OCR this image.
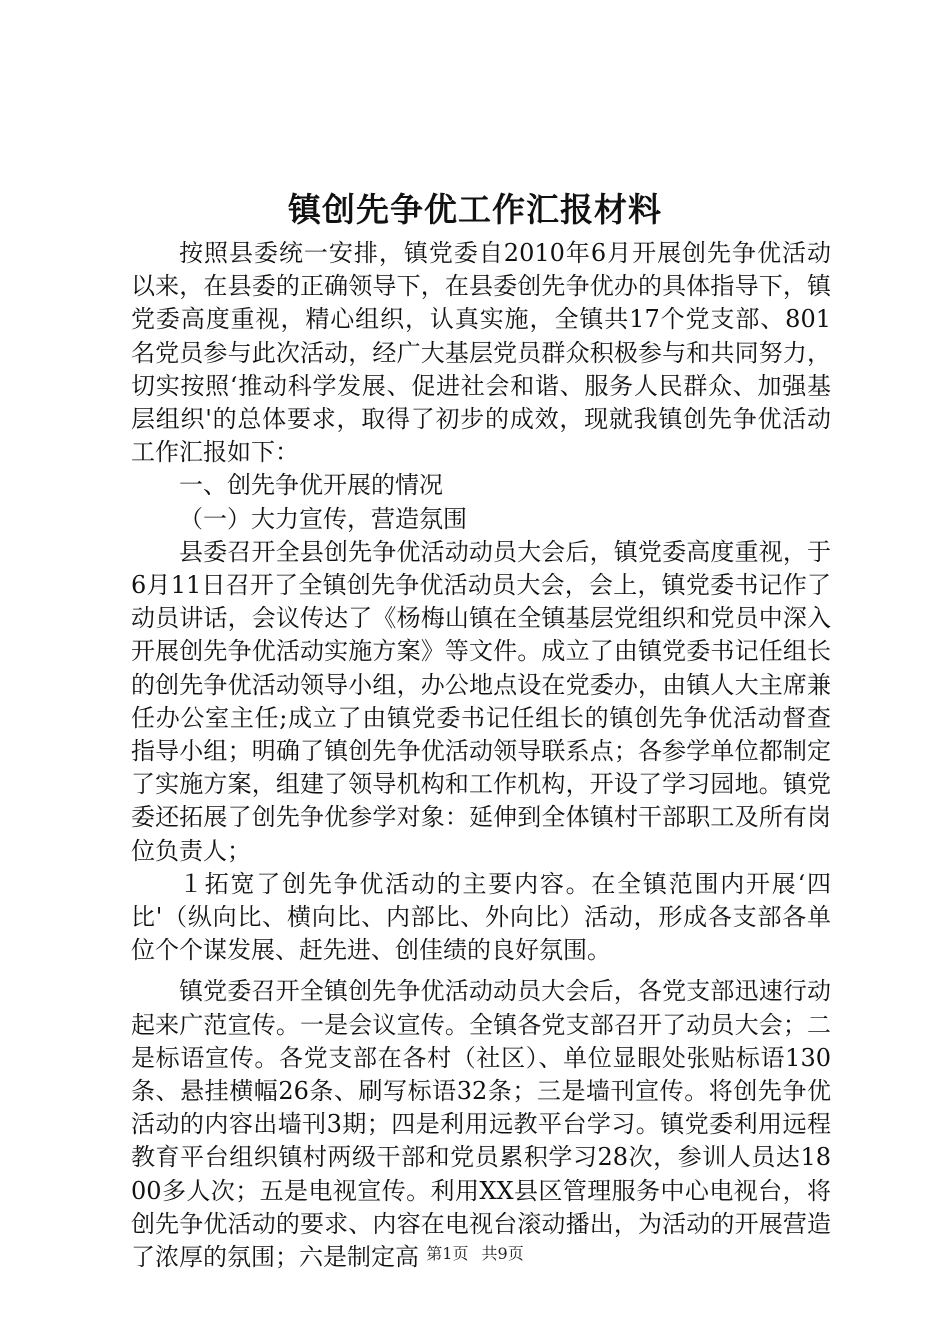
镇创先争优工作汇报材料

按照县委统一安排，镇党委自2010年6月开展创先争优活动以来，在县委的正确领导下，在县委创先争优办的具体指导下，镇党委高度重视，精心组织，认真实施，全镇共17个党支部、801名党员参与此次活动，经广大基层党员群众积极参与和共同努力，切实按照‘推动科学发展、促进社会和谐、服务人民群众、加强基层组织'的总体要求，取得了初步的成效，现就我镇创先争优活动工作汇报如下：

一、创先争优开展的情况

（一）大力宣传，营造氛围

县委召开全县创先争优活动动员大会后，镇党委高度重视，于6月11日召开了全镇创先争优活动员大会，会上，镇党委书记作了动员讲话，会议传达了《杨梅山镇在全镇基层党组织和党员中深入开展创先争优活动实施方案》等文件。成立了由镇党委书记任组长的创先争优活动领导小组，办公地点设在党委办，由镇人大主席兼任办公室主任;成立了由镇党委书记任组长的镇创先争优活动督查指导小组；明确了镇创先争优活动领导联系点；各参学单位都制定了实施方案，组建了领导机构和工作机构，开设了学习园地。镇党委还拓展了创先争优参学对象：延伸到全体镇村干部职工及所有岗位负责人；

１拓宽了创先争优活动的主要内容。在全镇范围内开展‘四比'（纵向比、横向比、内部比、外向比）活动，形成各支部各单位个个谋发展、赶先进、创佳绩的良好氛围。

镇党委召开全镇创先争优活动动员大会后，各党支部迅速行动起来广范宣传。一是会议宣传。全镇各党支部召开了动员大会；二是标语宣传。各党支部在各村（社区）、单位显眼处张贴标语130条、悬挂横幅26条、刷写标语32条；三是墙刊宣传。将创先争优活动的内容出墙刊3期；四是利用远教平台学习。镇党委利用远程教育平台组织镇村两级干部和党员累积学习28次，参训人员达1800多人次；五是电视宣传。利用XX县区管理服务中心电视台，将创先争优活动的要求、内容在电视台滚动播出，为活动的开展营造了浓厚的氛围；六是制定高 第1页 共9页
